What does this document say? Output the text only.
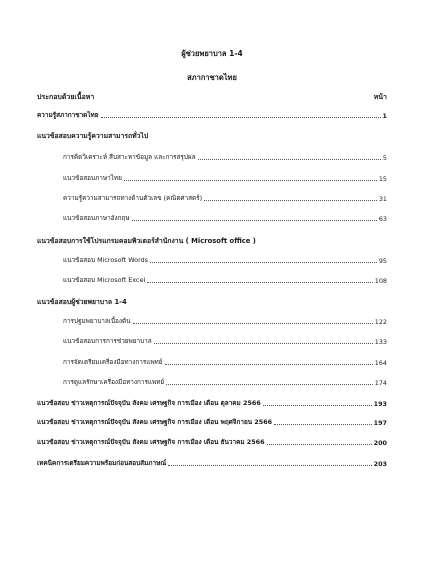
ผู้ช่วยพยาบาล 1-4
สภากาชาดไทย
ประกอบด้วยเนื้อหา	หน้า
ความรู้สภากาชาดไทย	1
แนวข้อสอบความรู้ความสามารถทั่วไป
การคิดวิเคราะห์ สืบสาะหาข้อมูล และการสรุปผล	5
แนวข้อสอบภาษาไทย	15
ความรู้ความสามารถทางด้านตัวเลข (คณิตศาสตร์)	31
แนวข้อสอบภาษาอังกฤษ	63
แนวข้อสอบการใช้โปรแกรมคอมพิวเตอร์สำนักงาน ( Microsoft office )
แนวข้อสอบ Microsoft Words	95
แนวข้อสอบ Microsoft Excel	108
แนวข้อสอบผู้ช่วยพยาบาล 1-4
การปฐมพยาบาลเบื้องต้น	122
แนวข้อสอบการการช่วยพยาบาล	133
การจัดเตรียมเครื่องมือทางการแพทย์	164
การดูแลรักษาเครื่องมือทางการแพทย์	174
แนวข้อสอบ ข่าวเหตุการณ์ปัจจุบัน สังคม เศรษฐกิจ การเมือง เดือน ตุลาคม 2566	193
แนวข้อสอบ ข่าวเหตุการณ์ปัจจุบัน สังคม เศรษฐกิจ การเมือง เดือน พฤศจิกายน 2566	197
แนวข้อสอบ ข่าวเหตุการณ์ปัจจุบัน สังคม เศรษฐกิจ การเมือง เดือน ธันวาคม 2566	200
เทคนิคการเตรียมความพร้อมก่อนสอบสัมภาษณ์	203
